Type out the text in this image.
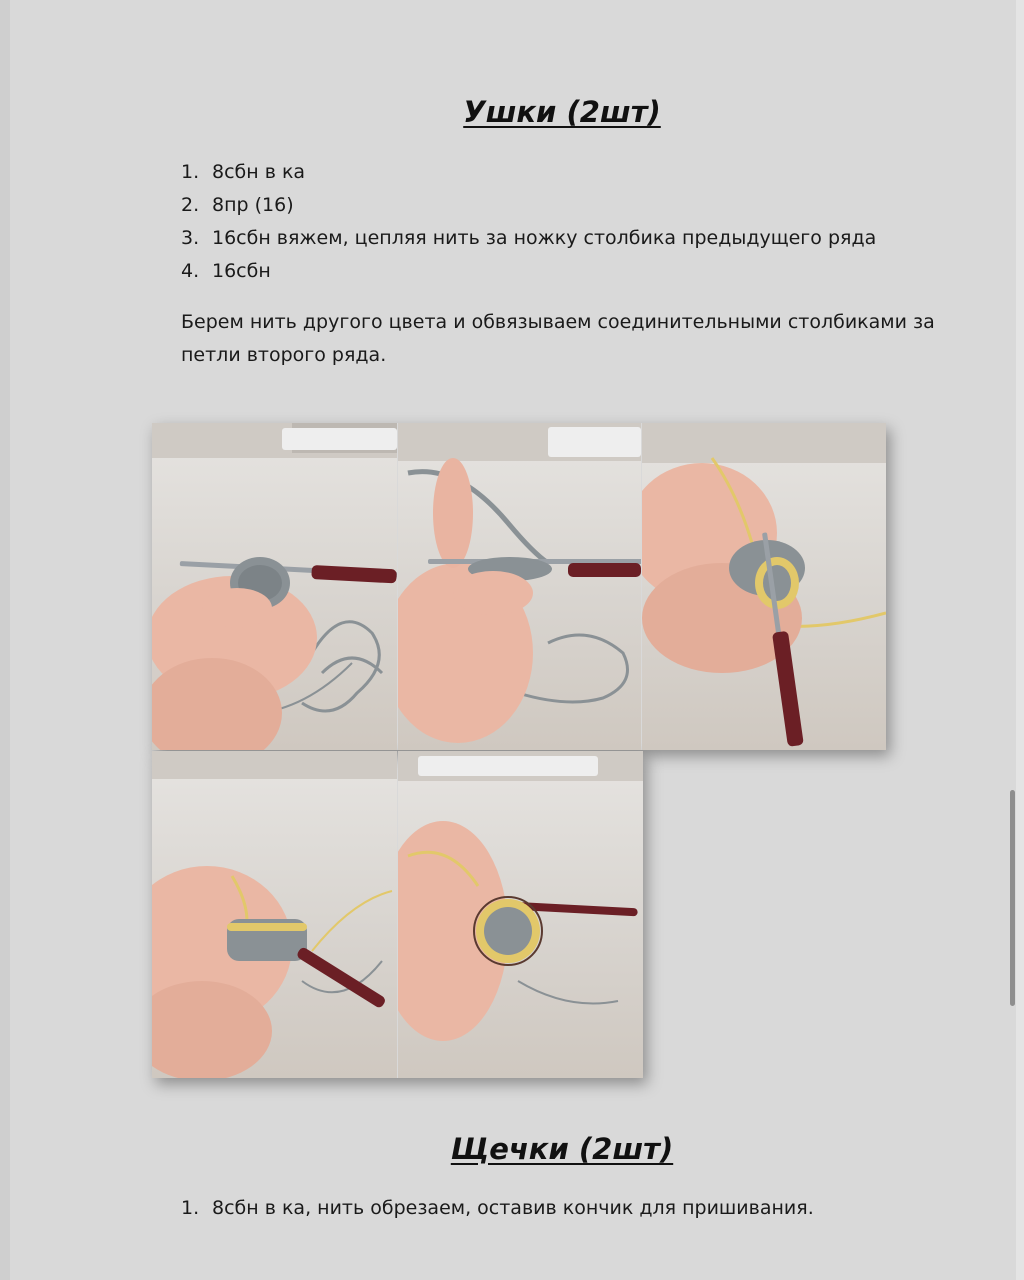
Ушки (2шт)
1. 8сбн в ка
2. 8пр (16)
3. 16сбн вяжем, цепляя нить за ножку столбика предыдущего ряда
4. 16сбн

Берем нить другого цвета и обвязываем соединительными столбиками за петли второго ряда.

Щечки (2шт)
1. 8сбн в ка, нить обрезаем, оставив кончик для пришивания.
